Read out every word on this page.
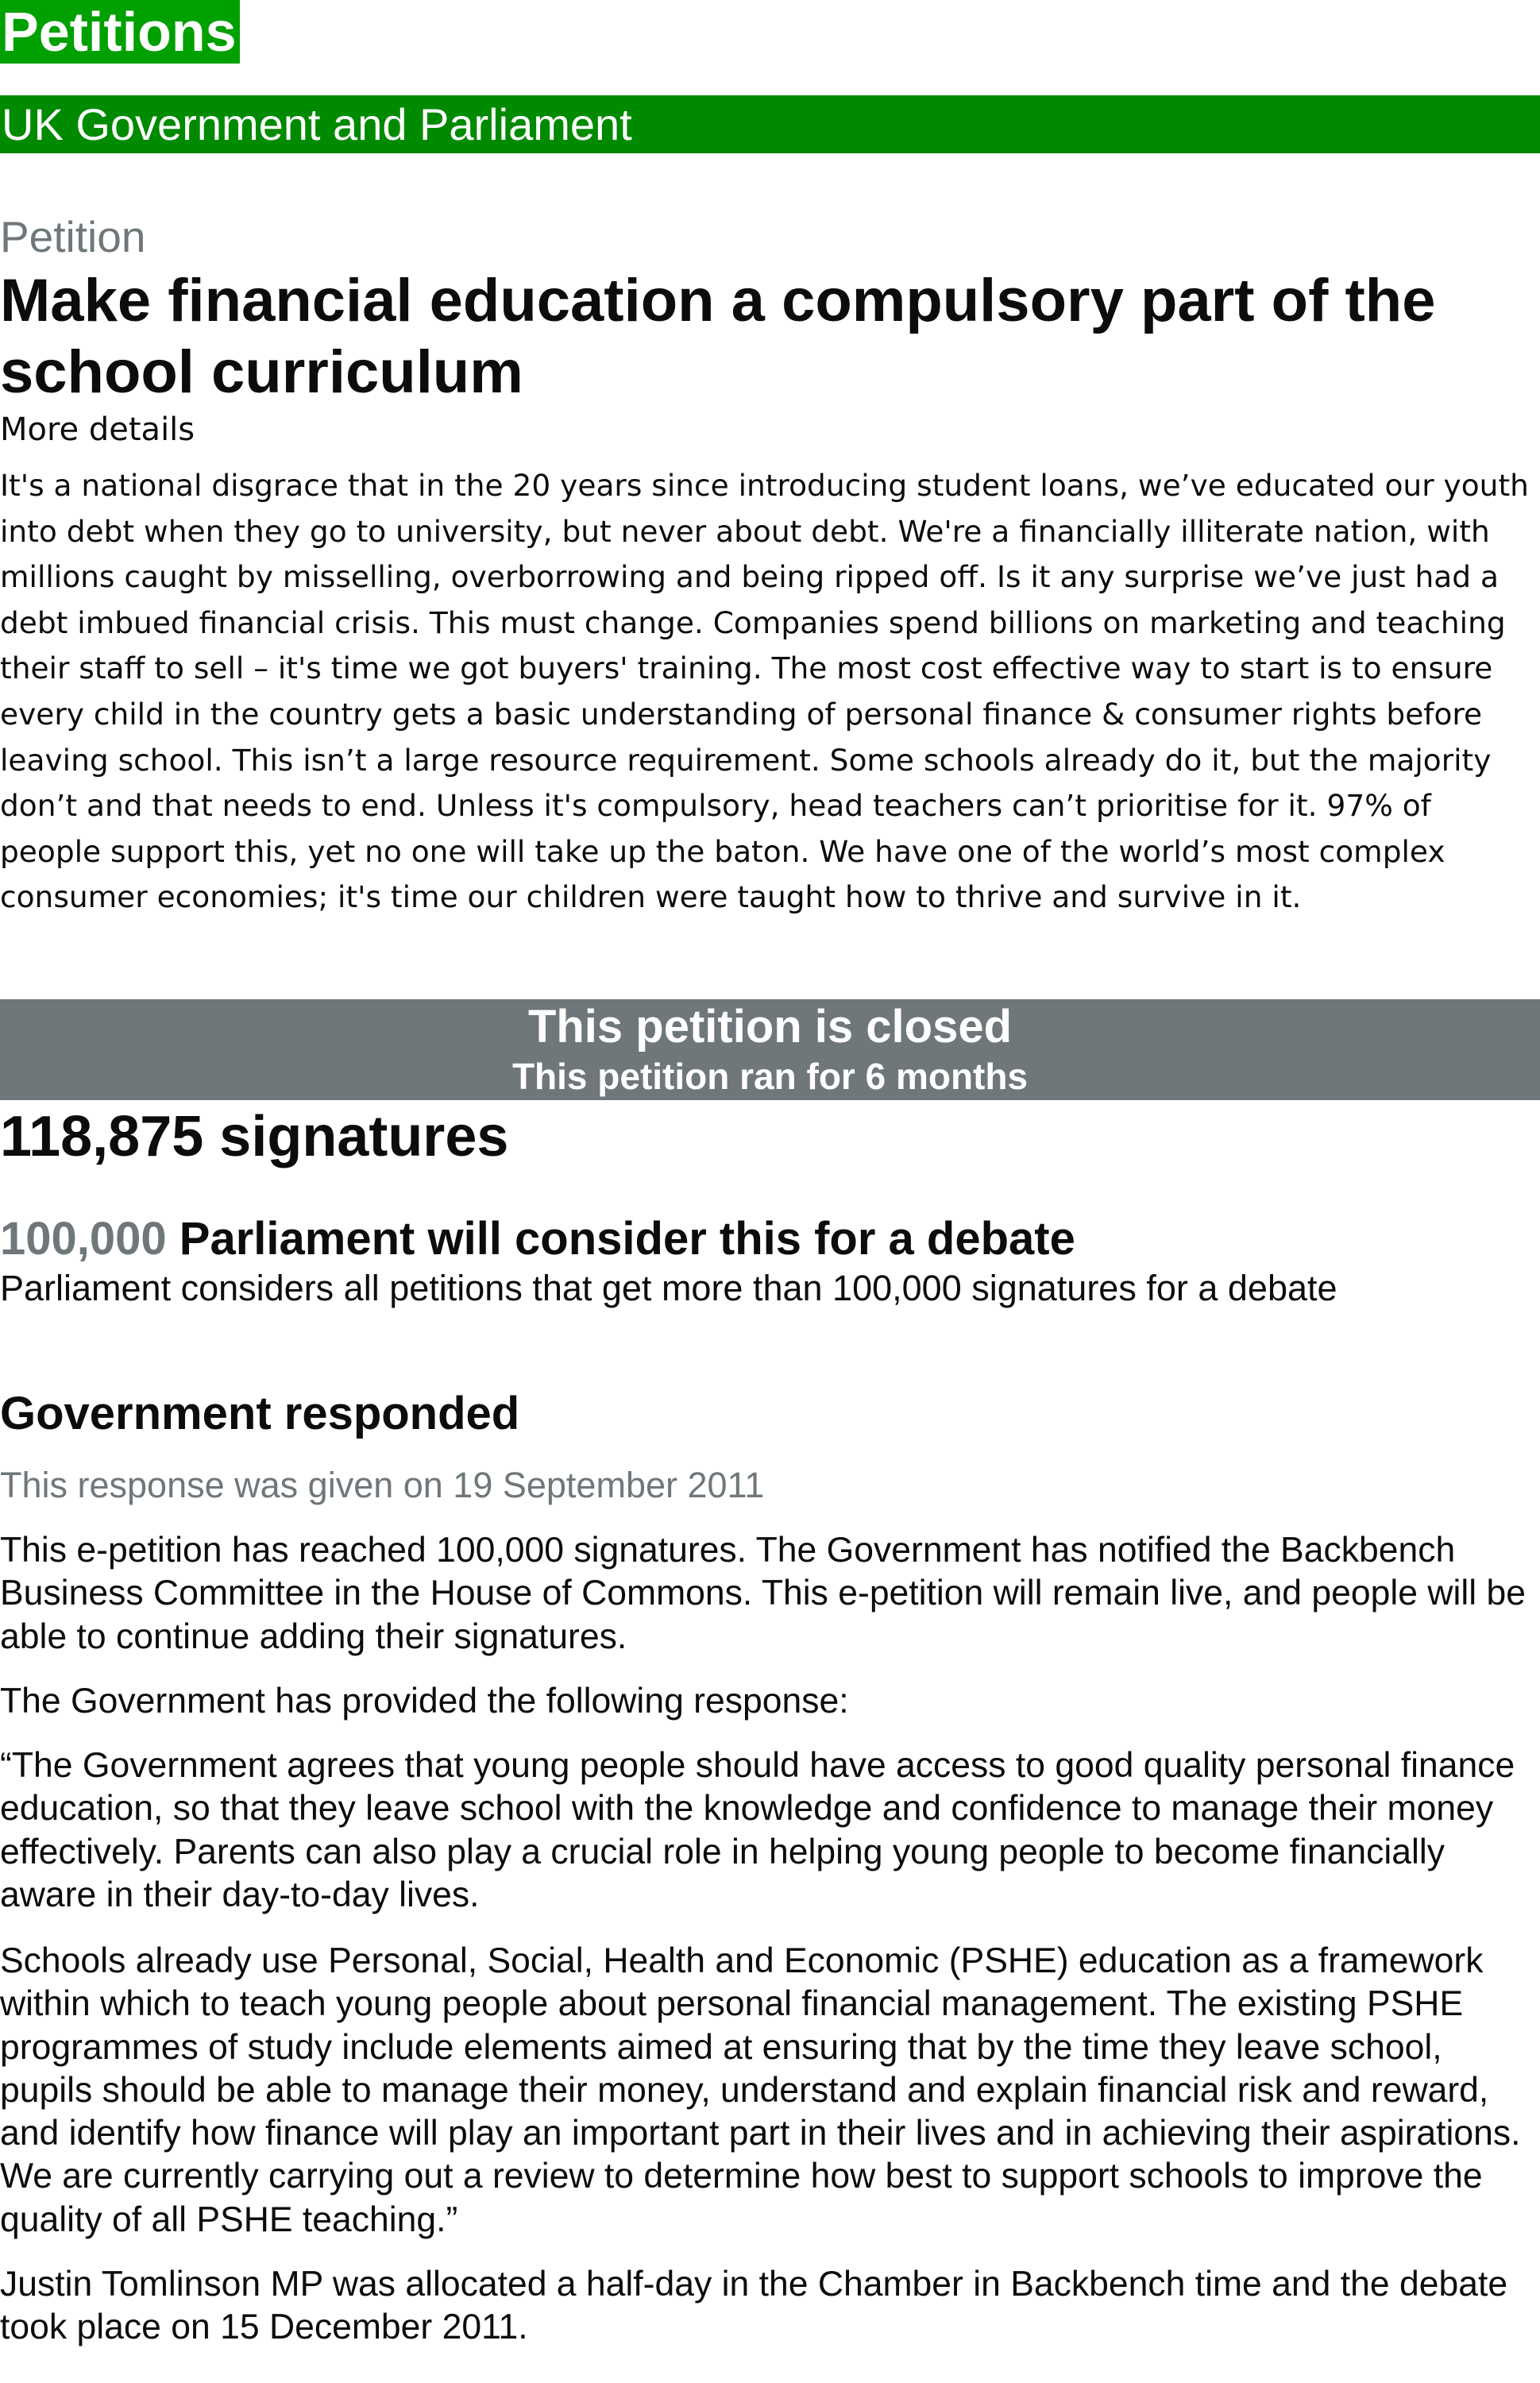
Petitions
UK Government and Parliament
Petition
Make financial education a compulsory part of the school curriculum
More details

It's a national disgrace that in the 20 years since introducing student loans, we’ve educated our youth into debt when they go to university, but never about debt. We're a financially illiterate nation, with millions caught by misselling, overborrowing and being ripped off. Is it any surprise we’ve just had a debt imbued financial crisis. This must change. Companies spend billions on marketing and teaching their staff to sell – it's time we got buyers' training. The most cost effective way to start is to ensure every child in the country gets a basic understanding of personal finance & consumer rights before leaving school. This isn’t a large resource requirement. Some schools already do it, but the majority don’t and that needs to end. Unless it's compulsory, head teachers can’t prioritise for it. 97% of people support this, yet no one will take up the baton. We have one of the world’s most complex consumer economies; it's time our children were taught how to thrive and survive in it.

This petition is closed
This petition ran for 6 months
118,875 signatures
100,000 Parliament will consider this for a debate
Parliament considers all petitions that get more than 100,000 signatures for a debate
Government responded
This response was given on 19 September 2011

This e-petition has reached 100,000 signatures. The Government has notified the Backbench Business Committee in the House of Commons. This e-petition will remain live, and people will be able to continue adding their signatures.

The Government has provided the following response:

“The Government agrees that young people should have access to good quality personal finance education, so that they leave school with the knowledge and confidence to manage their money effectively. Parents can also play a crucial role in helping young people to become financially aware in their day-to-day lives.

Schools already use Personal, Social, Health and Economic (PSHE) education as a framework within which to teach young people about personal financial management. The existing PSHE programmes of study include elements aimed at ensuring that by the time they leave school, pupils should be able to manage their money, understand and explain financial risk and reward, and identify how finance will play an important part in their lives and in achieving their aspirations. We are currently carrying out a review to determine how best to support schools to improve the quality of all PSHE teaching.”

Justin Tomlinson MP was allocated a half-day in the Chamber in Backbench time and the debate took place on 15 December 2011.
